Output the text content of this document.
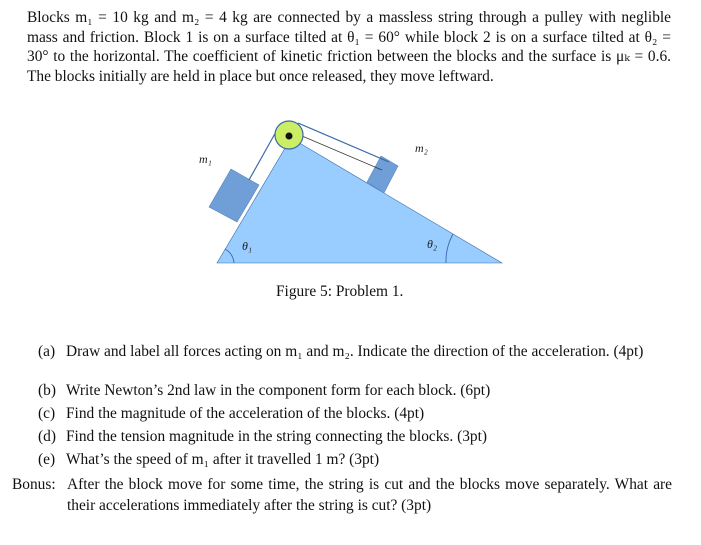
Blocks m₁ = 10 kg and m₂ = 4 kg are connected by a massless string through a pulley with neglible mass and friction. Block 1 is on a surface tilted at θ₁ = 60° while block 2 is on a surface tilted at θ₂ = 30° to the horizontal. The coefficient of kinetic friction between the blocks and the surface is μₖ = 0.6. The blocks initially are held in place but once released, they move leftward.
m₁
m₂
θ₁	θ₂
Figure 5: Problem 1.
(a) Draw and label all forces acting on m₁ and m₂. Indicate the direction of the acceleration. (4pt)
(b) Write Newton’s 2nd law in the component form for each block. (6pt)
(c) Find the magnitude of the acceleration of the blocks. (4pt)
(d) Find the tension magnitude in the string connecting the blocks. (3pt)
(e) What’s the speed of m₁ after it travelled 1 m? (3pt)
Bonus: After the block move for some time, the string is cut and the blocks move separately. What are their accelerations immediately after the string is cut? (3pt)
